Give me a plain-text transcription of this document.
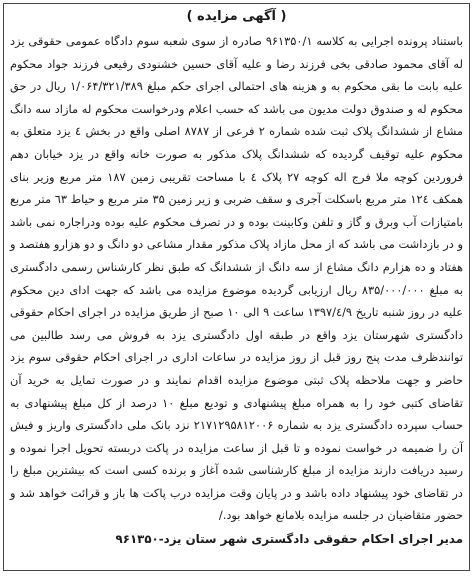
( آگهی مزایده )
باستناد پرونده اجرایی به کلاسه ۹۶۱۳۵۰/۱ صادره از سوی شعبه سوم دادگاه عمومی حقوقی یزد له آقای محمود صادقی بخی فرزند رضا و علیه آقای حسین خشنودی رفیعی فرزند جواد محکوم علیه بابت ما بقی محکوم به و هزینه های احتمالی اجرای حکم مبلغ ۱/۰۶۴/۳۲۱/۳۸۹ ریال در حق محکوم له و صندوق دولت مدیون می باشد که حسب اعلام ودرخواست محکوم له مازاد سه دانگ مشاع از ششدانگ پلاک ثبت شده شماره ۲ فرعی از ۸۷۸۷ اصلی واقع در بخش ٤ یزد متعلق به محکوم علیه توقیف گردیده که ششدانگ پلاک مذکور به صورت خانه واقع در یزد خیابان دهم فروردین کوچه ملا فرج اله کوچه ۲۷ پلاک ٤ با مساحت تقریبی زمین ۱۸۷ متر مربع وزیر بنای همکف ۱۲٤ متر مربع باسکلت آجری و سقف ضربی و زیر زمین ۳۵ متر مربع و حیاط ٦۳ متر مربع بامتیازات آب وبرق و گاز و تلفن وکابینت بوده و در تصرف محکوم علیه بوده ودراجاره نمی باشد و در بازداشت می باشد که از محل مازاد پلاک مذکور مقدار مشاعی دو دانگ و دو هزارو هفتصد و هفتاد و ده هزارم دانگ مشاع از سه دانگ از ششدانگ که طبق نظر کارشناس رسمی دادگستری به مبلغ ۸۳۵/۰۰۰/۰۰۰ ریال ارزیابی گردیده موضوع مزایده می باشد که جهت ادای دین محکوم علیه در روز شنبه تاریخ ۱۳۹۷/٤/۹ ساعت ۹ الی ۱۰ صبح از طریق مزایده در اجرای احکام حقوقی دادگستری شهرستان یزد واقع در طبقه اول دادگستری یزد به فروش می رسد طالبین می توانندظرف مدت پنج روز قبل از روز مزایده در ساعات اداری در اجرای احکام حقوقی سوم یزد حاضر و جهت ملاحظه پلاک ثبتی موضوع مزایده اقدام نمایند و در صورت تمایل به خرید آن تقاضای کتبی خود را به همراه مبلغ پیشنهادی و تودیع مبلغ ۱۰ درصد از کل مبلغ پیشنهادی به حساب سپرده دادگستری یزد به شماره ۲۱۷۱۲۹۵۸۱۲۰۰۶ نزد بانک ملی دادگستری واریز و فیش آن را ضمیمه در خواست نموده و تا قبل از ساعت مزایده در پاکت دربسته تحویل اجرا نموده و رسید دریافت دارند مزایده از مبلغ کارشناسی شده آغاز و برنده کسی است که بیشترین مبلغ را در تقاضای خود پیشنهاد داده باشد و در پایان وقت مزایده درب پاکت ها باز و قرائت خواهد شد و حضور متقاضیان در جلسه مزایده بلامانع خواهد بود./
مدیر اجرای احکام حقوقی دادگستری شهر ستان یزد-۹۶۱۳۵۰
